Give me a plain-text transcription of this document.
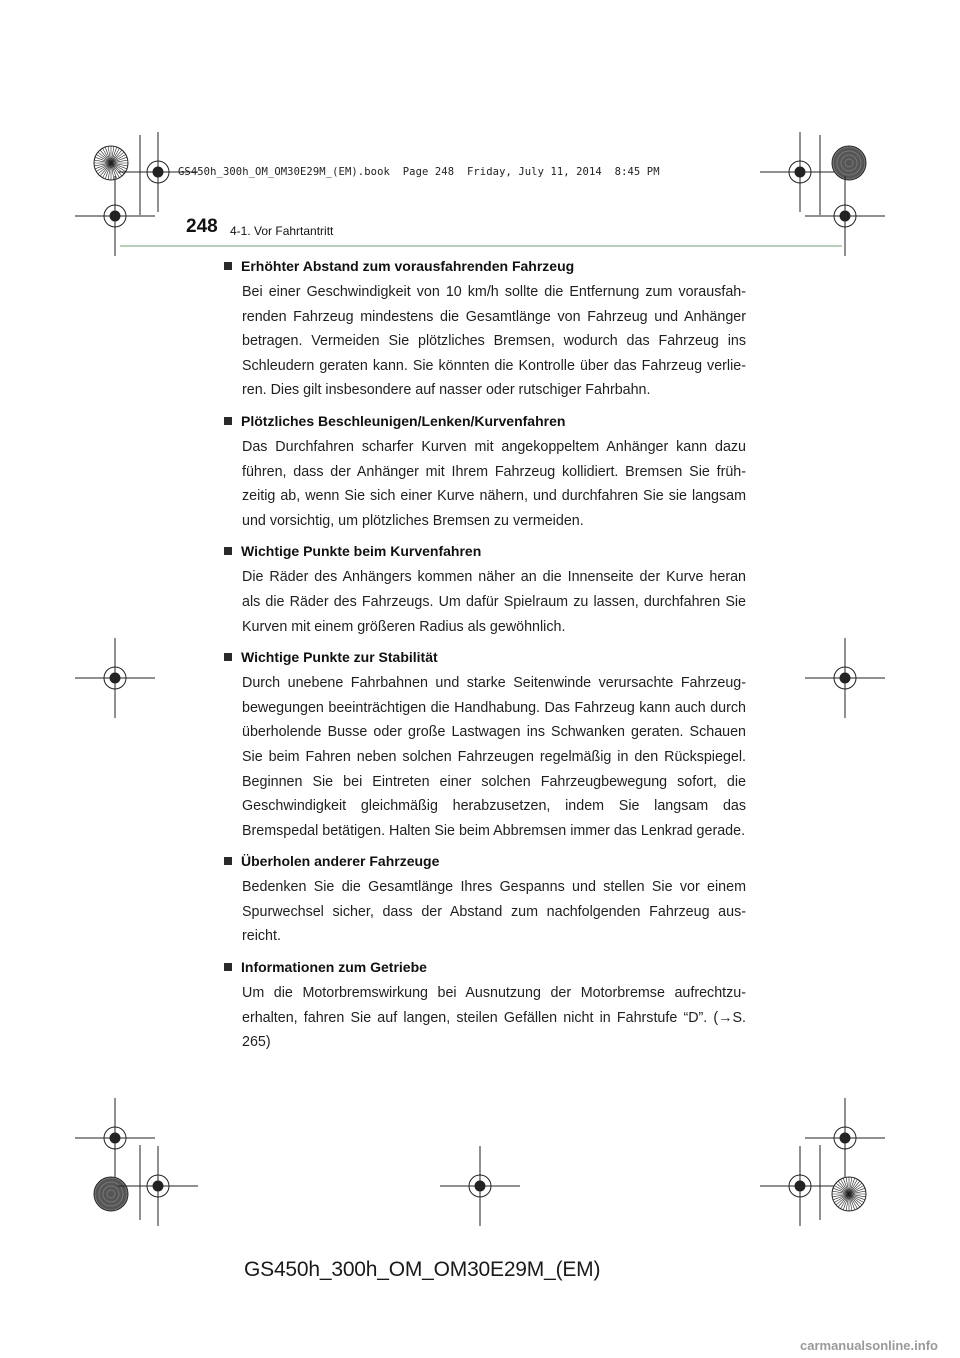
GS450h_300h_OM_OM30E29M_(EM).book  Page 248  Friday, July 11, 2014  8:45 PM
248 4-1. Vor Fahrtantritt
Erhöhter Abstand zum vorausfahrenden Fahrzeug
Bei einer Geschwindigkeit von 10 km/h sollte die Entfernung zum vorausfah-renden Fahrzeug mindestens die Gesamtlänge von Fahrzeug und Anhänger betragen. Vermeiden Sie plötzliches Bremsen, wodurch das Fahrzeug ins Schleudern geraten kann. Sie könnten die Kontrolle über das Fahrzeug verlie-ren. Dies gilt insbesondere auf nasser oder rutschiger Fahrbahn.
Plötzliches Beschleunigen/Lenken/Kurvenfahren
Das Durchfahren scharfer Kurven mit angekoppeltem Anhänger kann dazu führen, dass der Anhänger mit Ihrem Fahrzeug kollidiert. Bremsen Sie früh-zeitig ab, wenn Sie sich einer Kurve nähern, und durchfahren Sie sie langsam und vorsichtig, um plötzliches Bremsen zu vermeiden.
Wichtige Punkte beim Kurvenfahren
Die Räder des Anhängers kommen näher an die Innenseite der Kurve heran als die Räder des Fahrzeugs. Um dafür Spielraum zu lassen, durchfahren Sie Kurven mit einem größeren Radius als gewöhnlich.
Wichtige Punkte zur Stabilität
Durch unebene Fahrbahnen und starke Seitenwinde verursachte Fahrzeug-bewegungen beeinträchtigen die Handhabung. Das Fahrzeug kann auch durch überholende Busse oder große Lastwagen ins Schwanken geraten. Schauen Sie beim Fahren neben solchen Fahrzeugen regelmäßig in den Rückspiegel. Beginnen Sie bei Eintreten einer solchen Fahrzeugbewegung sofort, die Geschwindigkeit gleichmäßig herabzusetzen, indem Sie langsam das Bremspedal betätigen. Halten Sie beim Abbremsen immer das Lenkrad gerade.
Überholen anderer Fahrzeuge
Bedenken Sie die Gesamtlänge Ihres Gespanns und stellen Sie vor einem Spurwechsel sicher, dass der Abstand zum nachfolgenden Fahrzeug aus-reicht.
Informationen zum Getriebe
Um die Motorbremswirkung bei Ausnutzung der Motorbremse aufrechtzu-erhalten, fahren Sie auf langen, steilen Gefällen nicht in Fahrstufe “D”. (→S. 265)
GS450h_300h_OM_OM30E29M_(EM)
carmanualsonline.info
